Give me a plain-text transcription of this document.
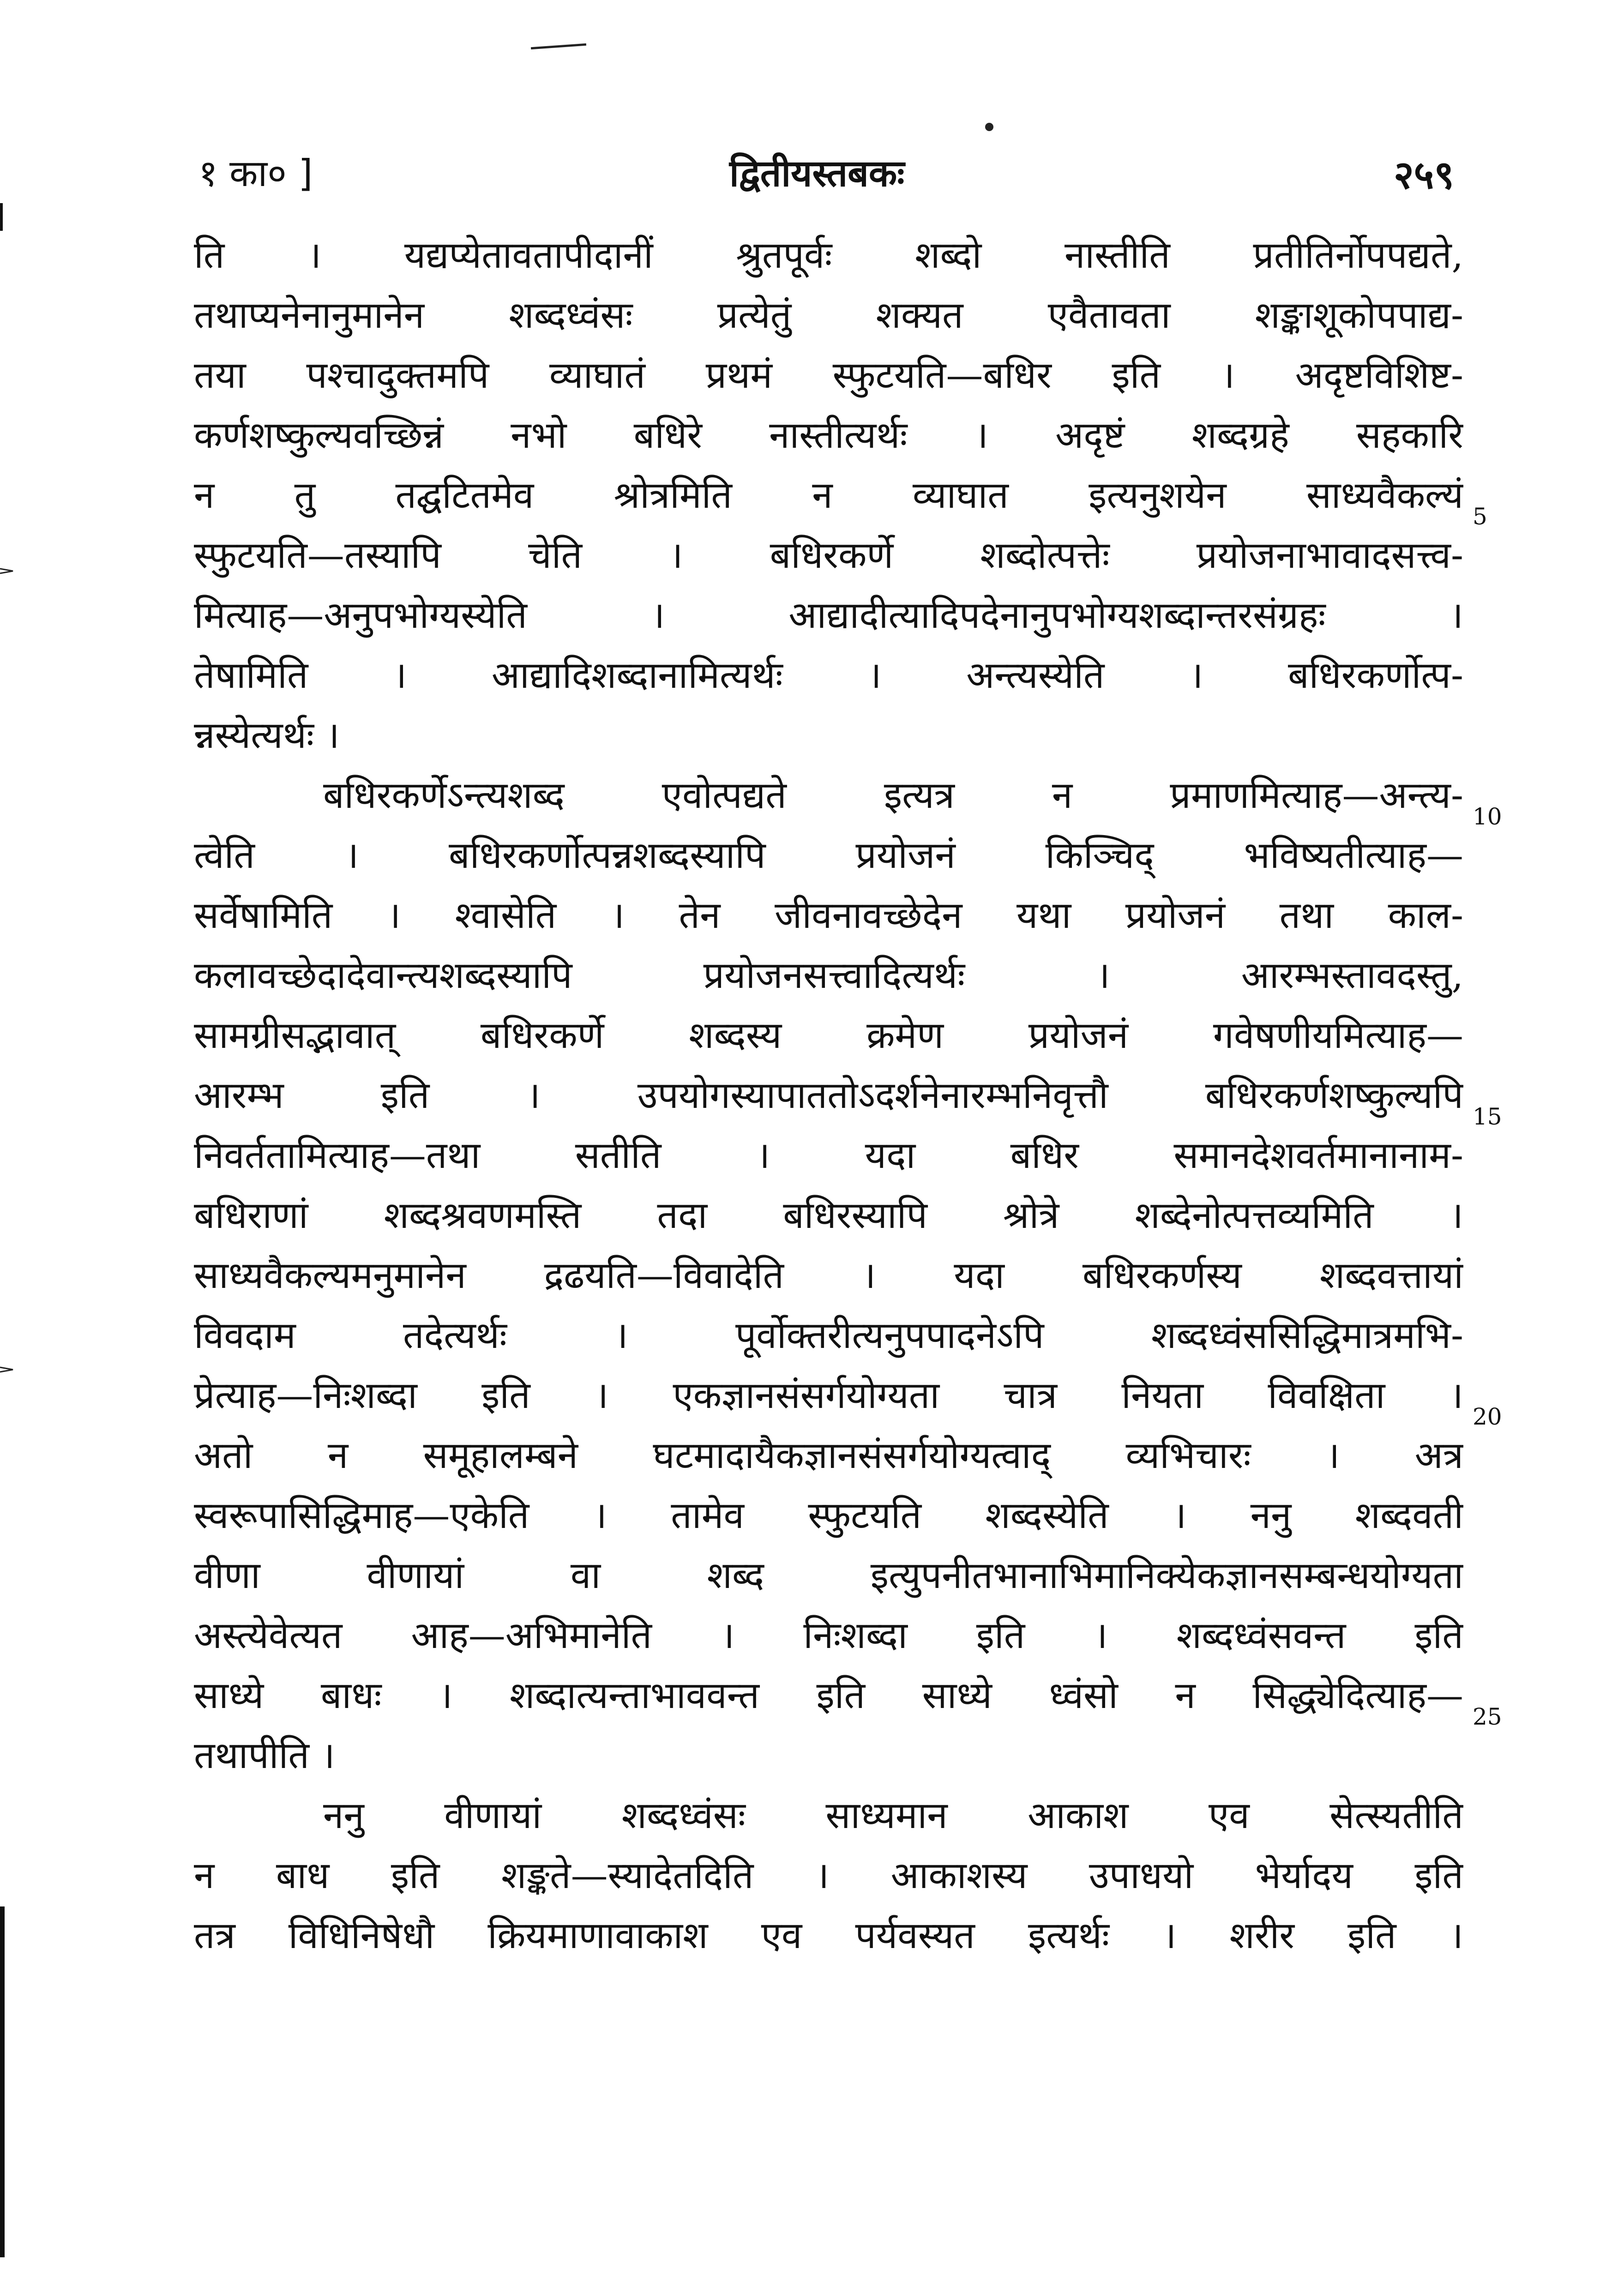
१ का० ]	द्वितीयस्तबकः	२५९
ति । यद्यप्येतावतापीदानीं श्रुतपूर्वः शब्दो नास्तीति प्रतीतिर्नोपपद्यते,
तथाप्यनेनानुमानेन शब्दध्वंसः प्रत्येतुं शक्यत एवैतावता शङ्काशूकोपपाद्य-
तया पश्चादुक्तमपि व्याघातं प्रथमं स्फुटयति—बधिर इति । अदृष्टविशिष्ट-
कर्णशष्कुल्यवच्छिन्नं नभो बधिरे नास्तीत्यर्थः । अदृष्टं शब्दग्रहे सहकारि
न तु तद्घटितमेव श्रोत्रमिति न व्याघात इत्यनुशयेन साध्यवैकल्यं
स्फुटयति—तस्यापि चेति । बधिरकर्णे शब्दोत्पत्तेः प्रयोजनाभावादसत्त्व-
मित्याह—अनुपभोग्यस्येति । आद्यादीत्यादिपदेनानुपभोग्यशब्दान्तरसंग्रहः ।
तेषामिति । आद्यादिशब्दानामित्यर्थः । अन्त्यस्येति । बधिरकर्णोत्प-
न्नस्येत्यर्थः ।
बधिरकर्णेऽन्त्यशब्द एवोत्पद्यते इत्यत्र न प्रमाणमित्याह—अन्त्य-
त्वेति । बधिरकर्णोत्पन्नशब्दस्यापि प्रयोजनं किञ्चिद् भविष्यतीत्याह—
सर्वेषामिति । श्वासेति । तेन जीवनावच्छेदेन यथा प्रयोजनं तथा काल-
कलावच्छेदादेवान्त्यशब्दस्यापि प्रयोजनसत्त्वादित्यर्थः । आरम्भस्तावदस्तु,
सामग्रीसद्भावात् बधिरकर्णे शब्दस्य क्रमेण प्रयोजनं गवेषणीयमित्याह—
आरम्भ इति । उपयोगस्यापाततोऽदर्शनेनारम्भनिवृत्तौ बधिरकर्णशष्कुल्यपि
निवर्ततामित्याह—तथा सतीति । यदा बधिर समानदेशवर्तमानानाम-
बधिराणां शब्दश्रवणमस्ति तदा बधिरस्यापि श्रोत्रे शब्देनोत्पत्तव्यमिति ।
साध्यवैकल्यमनुमानेन द्रढयति—विवादेति । यदा बधिरकर्णस्य शब्दवत्तायां
विवदाम तदेत्यर्थः । पूर्वोक्तरीत्यनुपपादनेऽपि शब्दध्वंससिद्धिमात्रमभि-
प्रेत्याह—निःशब्दा इति । एकज्ञानसंसर्गयोग्यता चात्र नियता विवक्षिता ।
अतो न समूहालम्बने घटमादायैकज्ञानसंसर्गयोग्यत्वाद् व्यभिचारः । अत्र
स्वरूपासिद्धिमाह—एकेति । तामेव स्फुटयति शब्दस्येति । ननु शब्दवती
वीणा वीणायां वा शब्द इत्युपनीतभानाभिमानिक्येकज्ञानसम्बन्धयोग्यता
अस्त्येवेत्यत आह—अभिमानेति । निःशब्दा इति । शब्दध्वंसवन्त इति
साध्ये बाधः । शब्दात्यन्ताभाववन्त इति साध्ये ध्वंसो न सिद्ध्येदित्याह—
तथापीति ।
ननु वीणायां शब्दध्वंसः साध्यमान आकाश एव सेत्स्यतीति
न बाध इति शङ्कते—स्यादेतदिति । आकाशस्य उपाधयो भेर्यादय इति
तत्र विधिनिषेधौ क्रियमाणावाकाश एव पर्यवस्यत इत्यर्थः । शरीर इति ।
5
10
15
20
25
